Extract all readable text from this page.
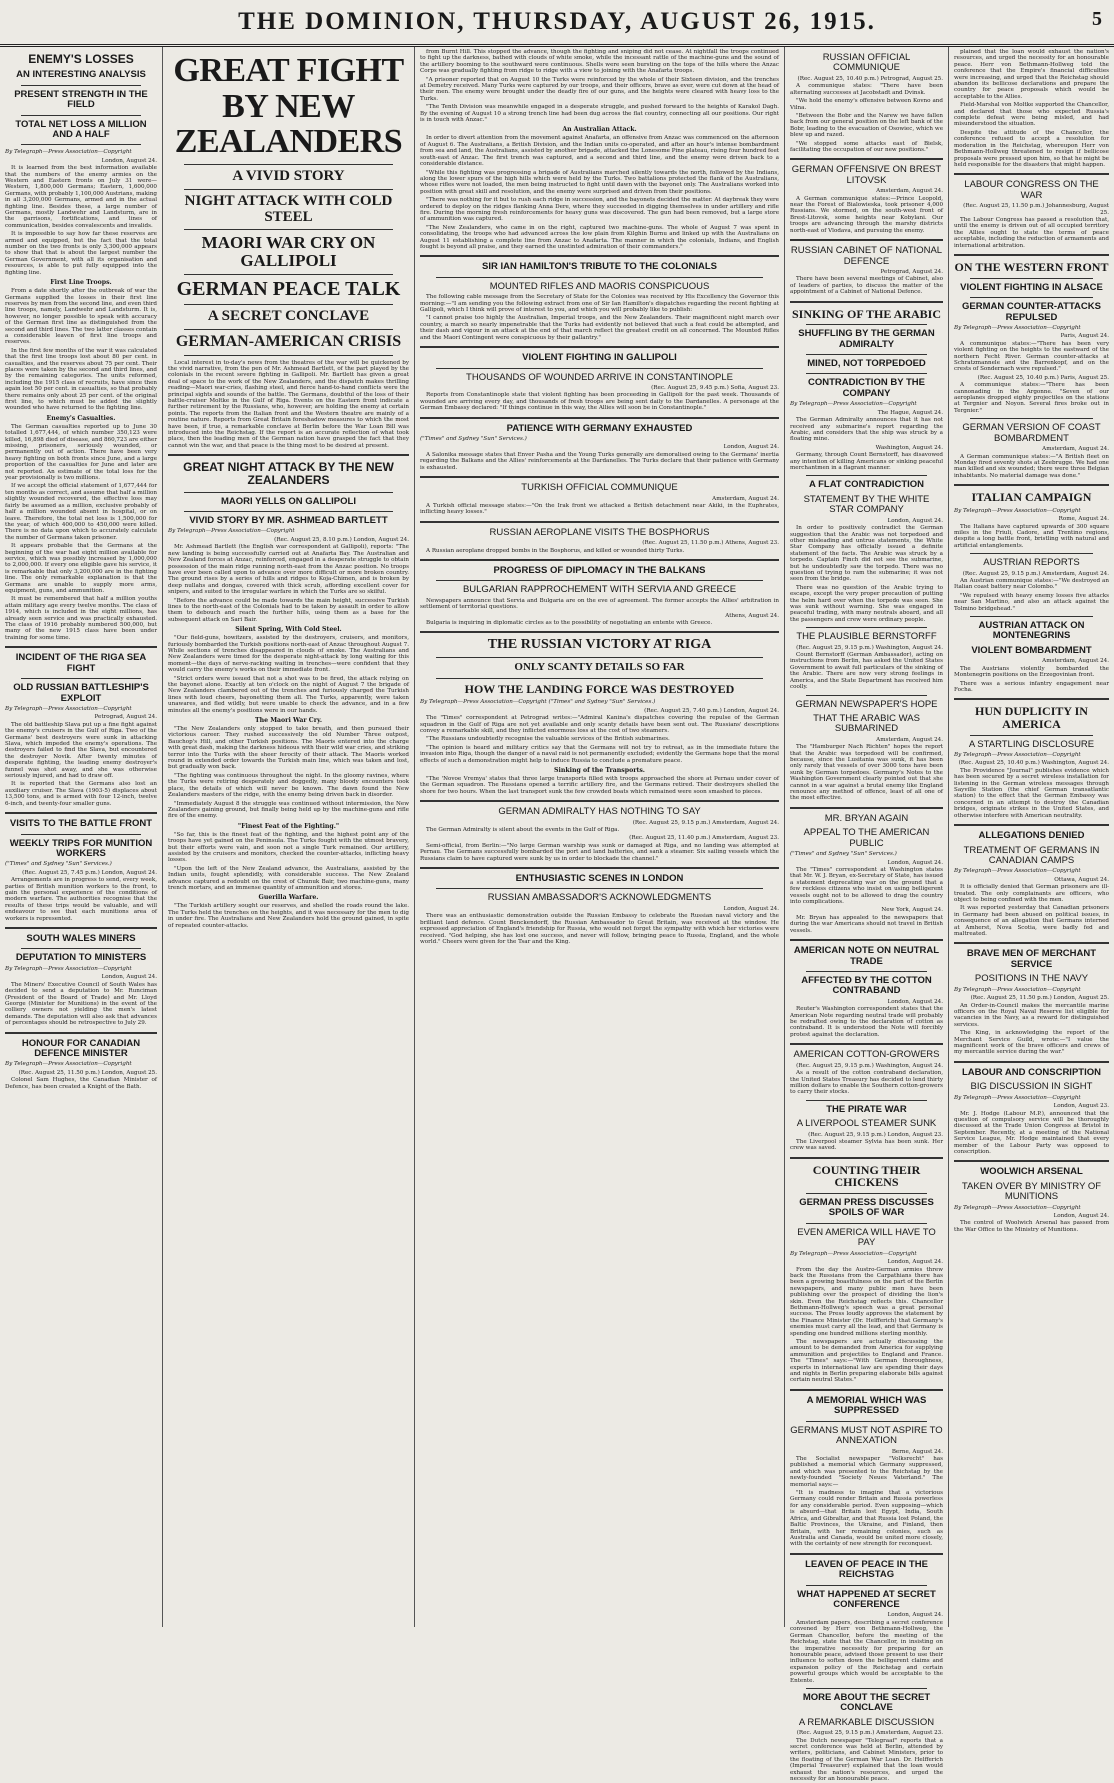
THE DOMINION, THURSDAY, AUGUST 26, 1915.	5
ENEMY'S LOSSES
AN INTERESTING ANALYSIS
PRESENT STRENGTH IN THE FIELD
TOTAL NET LOSS A MILLION AND A HALF
By Telegraph—Press Association—Copyright
London, August 24.

It is learned from the best information available that the numbers of the enemy armies on the Western and Eastern fronts on July 31 were—Western, 1,800,000 Germans; Eastern, 1,600,000 Germans, with probably 1,100,000 Austrians, making in all 3,200,000 Germans, armed and in the actual fighting line. Besides these, a large number of Germans, mostly Landwehr and Landsturm, are in the garrisons, fortifications, and lines of communication, besides convalescents and invalids.

It is impossible to say how far these reserves are armed and equipped, but the fact that the total number on the two fronts is only 3,300,000 appears to show that that is about the largest number the German Government, with all its organisation and resources, is able to put fully equipped into the fighting line.

First Line Troops.

From a date shortly after the outbreak of war the Germans supplied the losses in their first line reserves by men from the second line, and even third line troops, namely, Landwehr and Landsturm. It is, however, no longer possible to speak with accuracy of the German first line as distinguished from the second and third lines. The two latter classes contain a considerable leaven of first line troops and reserves.

In the first few months of the war it was calculated that the first line troops lost about 80 per cent. in casualties, and the reserves about 75 per cent. Their places were taken by the second and third lines, and by the remaining categories. The units reformed, including the 1915 class of recruits, have since then again lost 50 per cent. in casualties, so that probably there remains only about 25 per cent. of the original first line, to which must be added the slightly wounded who have returned to the fighting line.

Enemy's Casualties.

The German casualties reported up to June 30 totalled 1,677,444, of which number 350,123 were killed, 16,898 died of disease, and 860,723 are either missing, prisoners, seriously wounded, or permanently out of action. There have been very heavy fighting on both fronts since June, and a large proportion of the casualties for June and later are not reported. An estimate of the total loss for the year provisionally is two millions.

If we accept the official statement of 1,677,444 for ten months as correct, and assume that half a million slightly wounded recovered, the effective loss may fairly be assumed as a million, exclusive probably of half a million wounded absent in hospital, or on leave. Therefore, the total net loss is 1,500,000 for the year, of which 400,000 to 450,000 were killed. There is no data upon which to accurately calculate the number of Germans taken prisoner.

It appears probable that the Germans at the beginning of the war had eight million available for service, which was possibly increased by 1,000,000 to 2,000,000. If every one eligible gave his service, it is remarkable that only 3,200,000 are in the fighting line. The only remarkable explanation is that the Germans are unable to supply more arms, equipment, guns, and ammunition.

It must be remembered that half a million youths attain military age every twelve months. The class of 1914, which is included in the eight millions, has already seen service and was practically exhausted. The class of 1916 probably numbered 500,000, but many of the new 1915 class have been under training for some time.

INCIDENT OF THE RIGA SEA FIGHT
OLD RUSSIAN BATTLESHIP'S EXPLOIT
By Telegraph—Press Association—Copyright
Petrograd, August 24.

The old battleship Slava put up a fine fight against the enemy's cruisers in the Gulf of Riga. Two of the Germans' best destroyers were sunk in attacking Slava, which impeded the enemy's operations. The destroyers failed to find the Slava, but encountered the destroyer Novik. After twenty minutes of desperate fighting, the leading enemy destroyer's funnel was shot away, and she was otherwise seriously injured, and had to draw off.

It is reported that the Germans also lost an auxiliary cruiser. The Slava (1903-5) displaces about 13,500 tons, and is armed with four 12-inch, twelve 6-inch, and twenty-four smaller guns.

VISITS TO THE BATTLE FRONT
WEEKLY TRIPS FOR MUNITION WORKERS
("Times" and Sydney "Sun" Services.)
(Rec. August 25, 7.45 p.m.) London, August 24.

Arrangements are in progress to send, every week, parties of British munition workers to the front, to gain the personal experience of the conditions of modern warfare. The authorities recognise that the results of these trips would be valuable, and will endeavour to see that each munitions area of workers is represented.

SOUTH WALES MINERS
DEPUTATION TO MINISTERS
By Telegraph—Press Association—Copyright
London, August 24.

The Miners' Executive Council of South Wales has decided to send a deputation to Mr. Runciman (President of the Board of Trade) and Mr. Lloyd George (Minister for Munitions) in the event of the colliery owners not yielding the men's latest demands. The deputation will also ask that advances of percentages should be retrospective to July 29.

HONOUR FOR CANADIAN DEFENCE MINISTER
By Telegraph—Press Association—Copyright
(Rec. August 25, 11.50 p.m.) London, August 25.

Colonel Sam Hughes, the Canadian Minister of Defence, has been created a Knight of the Bath.

GREAT FIGHT BY NEW ZEALANDERS
A VIVID STORY
NIGHT ATTACK WITH COLD STEEL
MAORI WAR CRY ON GALLIPOLI
GERMAN PEACE TALK
A SECRET CONCLAVE
GERMAN-AMERICAN CRISIS

Local interest in to-day's news from the theatres of the war will be quickened by the vivid narrative, from the pen of Mr. Ashmead Bartlett, of the part played by the colonials in the recent severe fighting in Gallipoli. Mr. Bartlett has given a great deal of space to the work of the New Zealanders, and the dispatch makes thrilling reading—Maori war-cries, flashing steel, and fierce hand-to-hand conflicts were the principal sights and sounds of the battle. The Germans, doubtful of the loss of their battle-cruiser Moltke in the Gulf of Riga. Events on the Eastern front indicate a further retirement by the Russians, who, however, are holding the enemy at certain points. The reports from the Italian front and the Western theatre are mainly of a routine nature. Reports from Great Britain foreshadow measures to which the most have been, if true, a remarkable conclave at Berlin before the War Loan Bill was introduced into the Reichstag. If the report is an accurate reflection of what took place, then the leading men of the German nation have grasped the fact that they cannot win the war, and that peace is the thing most to be desired at present.

GREAT NIGHT ATTACK BY THE NEW ZEALANDERS
MAORI YELLS ON GALLIPOLI
VIVID STORY BY MR. ASHMEAD BARTLETT
By Telegraph—Press Association—Copyright
(Rec. August 25, 8.10 p.m.) London, August 24.

Mr. Ashmead Bartlett (the English war correspondent at Gallipoli), reports: "The new landing is being successfully carried out at Anafarta Bay. The Australian and New Zealand forces at Anzac, reinforced, engaged in a desperate struggle to obtain possession of the main ridge running north-east from the Anzac position. No troops have ever been called upon to advance over more difficult or more broken country. The ground rises by a series of hills and ridges to Koja-Chimen, and is broken by deep nullahs and dongas, covered with thick scrub, affording excellent cover for snipers, and suited to the irregular warfare in which the Turks are so skilful.

"Before the advance could be made towards the main height, successive Turkish lines to the north-east of the Colonials had to be taken by assault in order to allow them to debouch and reach the further hills, using them as a base for the subsequent attack on Sari Bair.

Silent Spring, With Cold Steel.

"Our field-guns, howitzers, assisted by the destroyers, cruisers, and monitors, furiously bombarded the Turkish positions north-east of Anzac throughout August 7. While sections of trenches disappeared in clouds of smoke. The Australians and New Zealanders were timed for the desperate night-attack by long waiting for this moment—the days of nerve-racking waiting in trenches—were confident that they would carry the enemy's works on their immediate front.

"Strict orders were issued that not a shot was to be fired, the attack relying on the bayonet alone. Exactly at ten o'clock on the night of August 7 the brigade of New Zealanders clambered out of the trenches and furiously charged the Turkish lines with loud cheers, bayonetting them all. The Turks, apparently, were taken unawares, and fled wildly, but were unable to check the advance, and in a few minutes all the enemy's positions were in our hands.

The Maori War Cry.

"The New Zealanders only stopped to take breath, and then pursued their victorious career. They rushed successively the old Number Three outpost, Bauchop's Hill, and other Turkish positions. The Maoris entered into the charge with great dash, making the darkness hideous with their wild war cries, and striking terror into the Turks with the sheer ferocity of their attack. The Maoris worked round in extended order towards the Turkish main line, which was taken and lost, but gradually won back.

"The fighting was continuous throughout the night. In the gloomy ravines, where the Turks were retiring desperately and doggedly, many bloody encounters took place, the details of which will never be known. The dawn found the New Zealanders masters of the ridge, with the enemy being driven back in disorder.

"Immediately August 8 the struggle was continued without intermission, the New Zealanders gaining ground, but finally being held up by the machine-guns and rifle fire of the enemy.

"Finest Feat of the Fighting."

"So far, this is the finest feat of the fighting, and the highest point any of the troops have yet gained on the Peninsula. The Turks fought with the utmost bravery, but their efforts were vain, and soon not a single Turk remained. Our artillery, assisted by the cruisers and monitors, checked the counter-attacks, inflicting heavy losses.

"Upon the left of the New Zealand advance, the Australians, assisted by the Indian units, fought splendidly, with considerable success. The New Zealand advance captured a redoubt on the crest of Chunuk Bair, two machine-guns, many trench mortars, and an immense quantity of ammunition and stores.

Guerilla Warfare.

"The Turkish artillery sought our reserves, and shelled the roads round the lake. The Turks held the trenches on the heights, and it was necessary for the men to dig in under fire. The Australians and New Zealanders hold the ground gained, in spite of repeated counter-attacks.

from Burnt Hill. This stopped the advance, though the fighting and sniping did not cease. At nightfall the troops continued to fight up the darkness, bathed with clouds of white smoke, while the incessant rattle of the machine-guns and the sound of the artillery booming to the southward were continuous. Shells were seen bursting on the tops of the hills where the Anzac Corps was gradually fighting from ridge to ridge with a view to joining with the Anafarta troops.

"A prisoner reported that on August 10 the Turks were reinforced by the whole of their Sixteen division, and the trenches at Demetry received. Many Turks were captured by our troops, and their officers, brave as ever, were cut down at the head of their men. The enemy were brought under the deadly fire of our guns, and the heights were cleared with heavy loss to the Turks.

"The Tenth Division was meanwhile engaged in a desperate struggle, and pushed forward to the heights of Karakol Dagh. By the evening of August 10 a strong trench line had been dug across the flat country, connecting all our positions. Our right is in touch with Anzac."

An Australian Attack.

In order to divert attention from the movement against Anafarta, an offensive from Anzac was commenced on the afternoon of August 6. The Australians, a British Division, and the Indian units co-operated, and after an hour's intense bombardment from sea and land, the Australians, assisted by another brigade, attacked the Lonesome Pine plateau, rising four hundred feet south-east of Anzac. The first trench was captured, and a second and third line, and the enemy were driven back to a considerable distance.

"While this fighting was progressing a brigade of Australians marched silently towards the north, followed by the Indians, along the lower spurs of the high hills which were held by the Turks. Two battalions protected the flank of the Australians, whose rifles were not loaded, the men being instructed to fight until dawn with the bayonet only. The Australians worked into position with great skill and resolution, and the enemy were surprised and driven from their positions.

"There was nothing for it but to rush each ridge in succession, and the bayonets decided the matter. At daybreak they were ordered to deploy on the ridges flanking Anna Dere, where they succeeded in digging themselves in under artillery and rifle fire. During the morning fresh reinforcements for heavy guns was discovered. The gun had been removed, but a large store of ammunition was captured.

"The New Zealanders, who came in on the right, captured two machine-guns. The whole of August 7 was spent in consolidating, the troops who had advanced across the low plain from Kilghin Burnu and linked up with the Australians on August 11 establishing a complete line from Anzac to Anafarta. The manner in which the colonials, Indians, and English fought is beyond all praise, and they earned the unstinted admiration of their commanders."

SIR IAN HAMILTON'S TRIBUTE TO THE COLONIALS
MOUNTED RIFLES AND MAORIS CONSPICUOUS

The following cable message from the Secretary of State for the Colonies was received by His Excellency the Governor this morning:—"I am sending you the following extract from one of Sir Ian Hamilton's dispatches regarding the recent fighting at Gallipoli, which I think will prove of interest to you, and which you will probably like to publish:

"I cannot praise too highly the Australian, Imperial troops, and the New Zealanders. Their magnificent night march over country, a march so nearly impenetrable that the Turks had evidently not believed that such a feat could be attempted, and their dash and vigour in an attack at the end of that march reflect the greatest credit on all concerned. The Mounted Rifles and the Maori Contingent were conspicuous by their gallantry."

VIOLENT FIGHTING IN GALLIPOLI
THOUSANDS OF WOUNDED ARRIVE IN CONSTANTINOPLE
(Rec. August 25, 9.45 p.m.) Sofia, August 23.

Reports from Constantinople state that violent fighting has been proceeding in Gallipoli for the past week. Thousands of wounded are arriving every day, and thousands of fresh troops are being sent daily to the Dardanelles. A personage at the German Embassy declared: "If things continue in this way, the Allies will soon be in Constantinople."

PATIENCE WITH GERMANY EXHAUSTED
("Times" and Sydney "Sun" Services.)
London, August 24.

A Salonika message states that Enver Pasha and the Young Turks generally are demoralised owing to the Germans' inertia regarding the Balkans and the Allies' reinforcements at the Dardanelles. The Turks declare that their patience with Germany is exhausted.

TURKISH OFFICIAL COMMUNIQUE
Amsterdam, August 24.

A Turkish official message states:—"On the Irak front we attacked a British detachment near Akiki, in the Euphrates, inflicting heavy losses."

RUSSIAN AEROPLANE VISITS THE BOSPHORUS
(Rec. August 25, 11.50 p.m.) Athens, August 23.

A Russian aeroplane dropped bombs in the Bosphorus, and killed or wounded thirty Turks.

PROGRESS OF DIPLOMACY IN THE BALKANS
BULGARIAN RAPPROCHEMENT WITH SERVIA AND GREECE

Newspapers announce that Servia and Bulgaria are on the eve of agreement. The former accepts the Allies' arbitration in settlement of territorial questions.

Athens, August 24.

Bulgaria is inquiring in diplomatic circles as to the possibility of negotiating an entente with Greece.

THE RUSSIAN VICTORY AT RIGA
ONLY SCANTY DETAILS SO FAR
HOW THE LANDING FORCE WAS DESTROYED
By Telegraph—Press Association—Copyright ("Times" and Sydney "Sun" Services.)
(Rec. August 25, 7.40 p.m.) London, August 24.

The "Times" correspondent at Petrograd writes:—"Admiral Kanina's dispatches covering the repulse of the German squadron in the Gulf of Riga are not yet available and only scanty details have been sent out. The Russians' descriptions convey a remarkable skill, and they inflicted enormous loss at the cost of two steamers.

"The Russians undoubtedly recognise the valuable services of the British submarines.

"The opinion is heard and military critics say that the Germans will not try to retreat, as in the immediate future the invasion into Riga, though the danger of a naval raid is not permanently excluded; evidently the Germans hope that the moral effects of such a demonstration might help to induce Russia to conclude a premature peace.

Sinking of the Transports.

"The 'Novoe Vremya' states that three large transports filled with troops approached the shore at Pernau under cover of the German squadron. The Russians opened a terrific artillery fire, and the Germans retired. Their destroyers shelled the shore for two hours. When the last transport sunk the few crowded boats which remained were soon smashed to pieces.

GERMAN ADMIRALTY HAS NOTHING TO SAY
(Rec. August 25, 9.15 p.m.) Amsterdam, August 24.

The German Admiralty is silent about the events in the Gulf of Riga.

(Rec. August 25, 11.40 p.m.) Amsterdam, August 23.

Semi-official, from Berlin:—"No large German warship was sunk or damaged at Riga, and no landing was attempted at Pernau. The Germans successfully bombarded the port and land batteries, and sank a steamer. Six sailing vessels which the Russians claim to have captured were sunk by us in order to blockade the channel."

ENTHUSIASTIC SCENES IN LONDON
RUSSIAN AMBASSADOR'S ACKNOWLEDGMENTS
London, August 24.

There was an enthusiastic demonstration outside the Russian Embassy to celebrate the Russian naval victory and the brilliant land defence. Count Benckendorff, the Russian Ambassador to Great Britain, was received at the window. He expressed appreciation of England's friendship for Russia, who would not forget the sympathy with which her victories were received. "God helping, she has lost one success, and never will follow, bringing peace to Russia, England, and the whole world." Cheers were given for the Tsar and the King.

RUSSIAN OFFICIAL COMMUNIQUE
(Rec. August 25, 10.40 p.m.) Petrograd, August 25.

A communique states: "There have been alternating successes at Jacobstadt and Dvinsk.

"We hold the enemy's offensive between Kovno and Vilna.

"Between the Bobr and the Narew we have fallen back from our general position on the left bank of the Bobr, leading to the evacuation of Osowiec, which we blew up and razed.

"We stopped some attacks east of Bielsk, facilitating the occupation of our new positions."

GERMAN OFFENSIVE ON BREST LITOVSK
Amsterdam, August 24.

A German communique states:—Prince Leopold, near the Forest of Bialowieska, took prisoner 4,000 Russians. We stormed, on the south-west front of Brest-Litovsk, some heights near Kobylani. Our troops are advancing through the marshy districts north-east of Vlodava, and pursuing the enemy.

RUSSIAN CABINET OF NATIONAL DEFENCE
Petrograd, August 24.

There have been several meetings of Cabinet, also of leaders of parties, to discuss the matter of the appointment of a Cabinet of National Defence.

SINKING OF THE ARABIC
SHUFFLING BY THE GERMAN ADMIRALTY
MINED, NOT TORPEDOED
CONTRADICTION BY THE COMPANY
By Telegraph—Press Association—Copyright
The Hague, August 24.

The German Admiralty announces that it has not received any submarine's report regarding the Arabic, and considers that the ship was struck by a floating mine.

Washington, August 24.

Germany, through Count Bernstorff, has disavowed any intention of killing Americans or sinking peaceful merchantmen in a flagrant manner.

A FLAT CONTRADICTION
STATEMENT BY THE WHITE STAR COMPANY
London, August 24.

In order to positively contradict the German suggestion that the Arabic was not torpedoed and other misleading and untrue statements, the White Star Company has officially issued a definite statement of the facts. The Arabic was struck by a torpedo. Captain Finch did not see the submarine, but he undoubtedly saw the torpedo. There was no question of trying to ram the submarine; it was not seen from the bridge.

There was no question of the Arabic trying to escape, except the very proper precaution of putting the helm hard over when the torpedo was seen. She was sunk without warning. She was engaged in peaceful trading, with many neutrals aboard, and all the passengers and crew were ordinary people.

THE PLAUSIBLE BERNSTORFF
(Rec. August 25, 9.15 p.m.) Washington, August 24.

Count Bernstorff (German Ambassador), acting on instructions from Berlin, has asked the United States Government to await full particulars of the sinking of the Arabic. There are now very strong feelings in America, and the State Department has received him coolly.

GERMAN NEWSPAPER'S HOPE
THAT THE ARABIC WAS SUBMARINED
Amsterdam, August 24.

The "Hamburger Nach Richten" hopes the report that the Arabic was torpedoed will be confirmed, because, since the Lusitania was sunk, it has been only rarely that vessels of over 3000 tons have been sunk by German torpedoes. Germany's Notes to the Washington Government clearly pointed out that she cannot in a war against a brutal enemy like England renounce any method of offence, least of all one of the most effective.

MR. BRYAN AGAIN
APPEAL TO THE AMERICAN PUBLIC
("Times" and Sydney "Sun" Services.)
London, August 24.

The "Times" correspondent at Washington states that Mr. W. J. Bryan, ex-Secretary of State, has issued a statement deprecating war on the ground that a few reckless citizens who insist on using belligerent vessels ought not to be allowed to drag the country into complications.

New York, August 24.

Mr. Bryan has appealed to the newspapers that during the war Americans should not travel in British vessels.

AMERICAN NOTE ON NEUTRAL TRADE
AFFECTED BY THE COTTON CONTRABAND
London, August 24.

Reuter's Washington correspondent states that the American Note regarding neutral trade will probably be redrafted owing to the declaration of cotton as contraband. It is understood the Note will forcibly protest against the declaration.

AMERICAN COTTON-GROWERS
(Rec. August 25, 9.15 p.m.) Washington, August 24.

As a result of the cotton contraband declaration, the United States Treasury has decided to lend thirty million dollars to enable the Southern cotton-growers to carry their stocks.

THE PIRATE WAR
A LIVERPOOL STEAMER SUNK
(Rec. August 25, 9.15 p.m.) London, August 23.

The Liverpool steamer Sylvia has been sunk. Her crew was saved.

COUNTING THEIR CHICKENS
GERMAN PRESS DISCUSSES SPOILS OF WAR
EVEN AMERICA WILL HAVE TO PAY
By Telegraph—Press Association—Copyright
London, August 24.

From the day the Austro-German armies threw back the Russians from the Carpathians there has been a growing boastfulness on the part of the Berlin newspapers, and many public men have been publishing over the prospect of dividing the lion's skin. Even the Reichstag reflects this. Chancellor Bethmann-Hollweg's speech was a great personal success. The Press loudly approves the statement by the Finance Minister (Dr. Helfferich) that Germany's enemies must carry all the lead, and that Germany is spending one hundred millions sterling monthly.

The newspapers are actually discussing the amount to be demanded from America for supplying ammunition and projectiles to England and France. The "Times" says:—"With German thoroughness, experts in international law are spending their days and nights in Berlin preparing elaborate bills against certain neutral States."

A MEMORIAL WHICH WAS SUPPRESSED
GERMANS MUST NOT ASPIRE TO ANNEXATION
Berne, August 24.

The Socialist newspaper "Volksrecht" has published a memorial which Germany suppressed, and which was presented to the Reichstag by the newly-founded "Society Neues Vaterland." The memorial says:—

"It is madness to imagine that a victorious Germany could render Britain and Russia powerless for any considerable period. Even supposing—which is absurd—that Britain lost Egypt, India, South Africa, and Gibraltar, and that Russia lost Poland, the Baltic Provinces, the Ukraine, and Finland, then Britain, with her remaining colonies, such as Australia and Canada, would be united more closely, with the certainty of new strength for reconquest.

LEAVEN OF PEACE IN THE REICHSTAG
WHAT HAPPENED AT SECRET CONFERENCE
London, August 24.

Amsterdam papers, describing a secret conference convened by Herr von Bethmann-Hollweg, the German Chancellor, before the meeting of the Reichstag, state that the Chancellor, in insisting on the imperative necessity for preparing for an honourable peace, advised those present to use their influence to soften down the belligerent claims and expansion policy of the Reichstag and certain powerful groups which would be acceptable to the Entente.

MORE ABOUT THE SECRET CONCLAVE
A REMARKABLE DISCUSSION
(Rec. August 25, 9.15 p.m.) Amsterdam, August 23.

The Dutch newspaper "Telegraaf" reports that a secret conference was held at Berlin, attended by writers, politicians, and Cabinet Ministers, prior to the floating of the German War Loan. Dr. Helfferich (Imperial Treasurer) explained that the loan would exhaust the nation's resources, and urged the necessity for an honourable peace.

plained that the loan would exhaust the nation's resources, and urged the necessity for an honourable peace. Herr von Bethmann-Hollweg told the conference that the Empire's financial difficulties were increasing, and urged that the Reichstag should abandon its bellicose declarations and prepare the country for peace proposals which would be acceptable to the Allies.

Field-Marshal von Moltke supported the Chancellor, and declared that those who expected Russia's complete defeat were being misled, and had misunderstood the situation.

Despite the attitude of the Chancellor, the conference refused to accept a resolution for moderation in the Reichstag, whereupon Herr von Bethmann-Hollweg threatened to resign if bellicose proposals were pressed upon him, so that he might be held responsible for the disasters that might happen.

LABOUR CONGRESS ON THE WAR
(Rec. August 25, 11.50 p.m.) Johannesburg, August 25.

The Labour Congress has passed a resolution that, until the enemy is driven out of all occupied territory the Allies ought to state the terms of peace acceptable, including the reduction of armaments and international arbitration.

ON THE WESTERN FRONT
VIOLENT FIGHTING IN ALSACE
GERMAN COUNTER-ATTACKS REPULSED
By Telegraph—Press Association—Copyright
Paris, August 24.

A communique states:—"There has been very violent fighting on the heights to the eastward of the northern Fecht River. German counter-attacks at Schratzmannele and the Barrenkopf, and on the crests of Sondernach were repulsed."

(Rec. August 25, 10.40 p.m.) Paris, August 25.

A communique states:—"There has been cannonading in the Argonne. "Seven of our aeroplanes dropped eighty projectiles on the stations at Tergnier and Noyon. Several fires broke out in Tergnier."

GERMAN VERSION OF COAST BOMBARDMENT
Amsterdam, August 24.

A German communique states:—"A British fleet on Monday fired seventy shots at Zeebrugge. We had one man killed and six wounded; there were three Belgian inhabitants. No material damage was done."

ITALIAN CAMPAIGN
By Telegraph—Press Association—Copyright
Rome, August 24.

The Italians have captured upwards of 300 square miles in the Friuli, Cadore, and Trentino regions, despite a long battle front, bristling with natural and artificial entanglements.

AUSTRIAN REPORTS
(Rec. August 25, 9.15 p.m.) Amsterdam, August 24.

An Austrian communique states:—"We destroyed an Italian coast battery near Colombo."

"We repulsed with heavy enemy losses five attacks near San Martino, and also an attack against the Tolmino bridgehead."

AUSTRIAN ATTACK ON MONTENEGRINS
VIOLENT BOMBARDMENT
Amsterdam, August 24.

The Austrians violently bombarded the Montenegrin positions on the Erzegovinian front.

There was a serious infantry engagement near Focha.

HUN DUPLICITY IN AMERICA
A STARTLING DISCLOSURE
By Telegraph—Press Association—Copyright
(Rec. August 25, 10.40 p.m.) Washington, August 24.

The Providence "Journal" publishes evidence which has been secured by a secret wireless installation for listening in the German wireless messages through Sayville Station (the chief German transatlantic station) to the effect that the German Embassy was concerned in an attempt to destroy the Canadian bridges, originate strikes in the United States, and otherwise interfere with American neutrality.

ALLEGATIONS DENIED
TREATMENT OF GERMANS IN CANADIAN CAMPS
By Telegraph—Press Association—Copyright
Ottawa, August 24.

It is officially denied that German prisoners are ill-treated. The only complainants are officers, who object to being confined with the men.

It was reported yesterday that Canadian prisoners in Germany had been abused on political issues, in consequence of an allegation that Germans interned at Amherst, Nova Scotia, were badly fed and maltreated.

BRAVE MEN OF MERCHANT SERVICE
POSITIONS IN THE NAVY
By Telegraph—Press Association—Copyright
(Rec. August 25, 11.50 p.m.) London, August 25.

An Order-in-Council makes the mercantile marine officers on the Royal Naval Reserve list eligible for vacancies in the Navy, as a reward for distinguished services.

The King, in acknowledging the report of the Merchant Service Guild, wrote:—"I value the magnificent work of the brave officers and crews of my mercantile service during the war."

LABOUR AND CONSCRIPTION
BIG DISCUSSION IN SIGHT
By Telegraph—Press Association—Copyright
London, August 23.

Mr. J. Hodge (Labour M.P.), announced that the question of compulsory service will be thoroughly discussed at the Trade Union Congress at Bristol in September. Recently, at a meeting of the National Service League, Mr. Hodge maintained that every member of the Labour Party was opposed to conscription.

WOOLWICH ARSENAL
TAKEN OVER BY MINISTRY OF MUNITIONS
By Telegraph—Press Association—Copyright
London, August 24.

The control of Woolwich Arsenal has passed from the War Office to the Ministry of Munitions.
